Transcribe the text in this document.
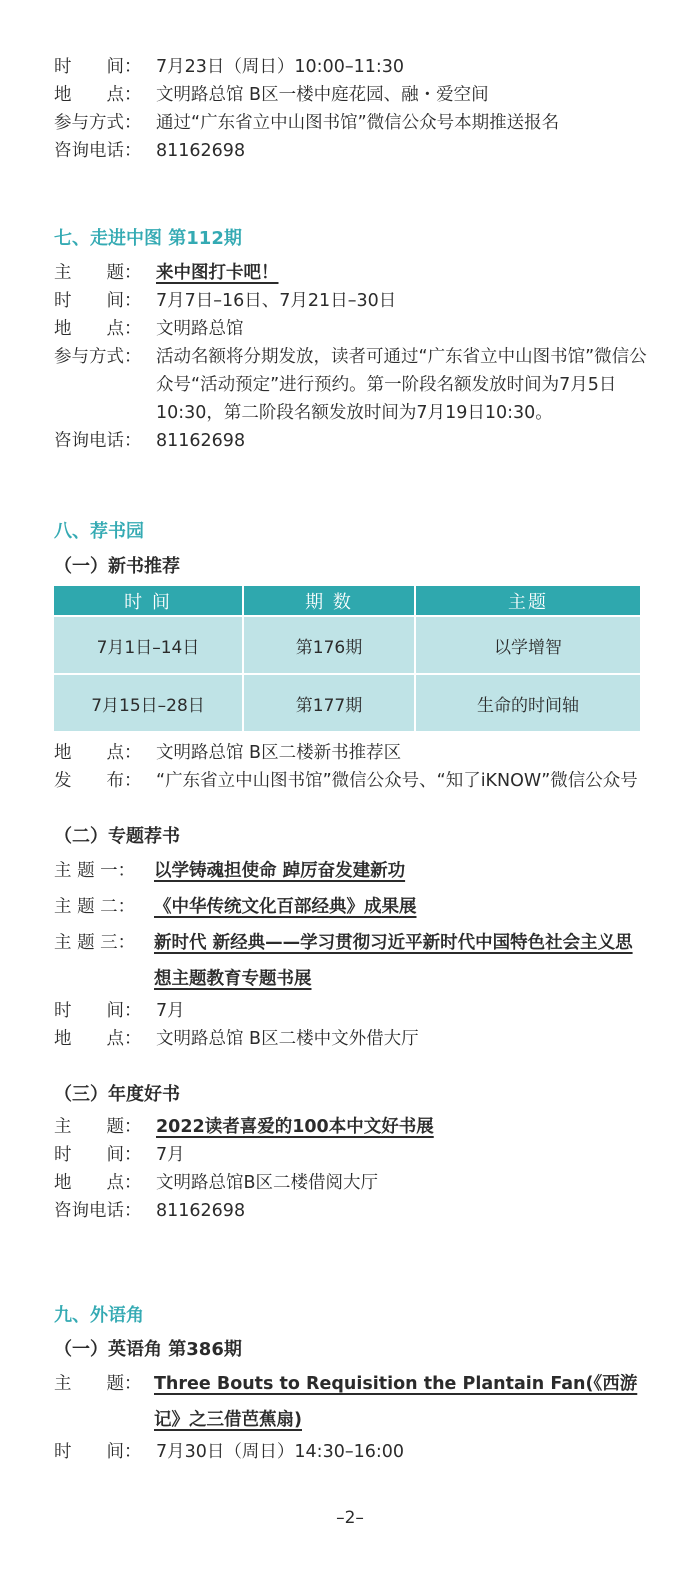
时　　间： 7月23日（周日）10:00–11:30
地　　点： 文明路总馆 B区一楼中庭花园、融・爱空间
参与方式： 通过“广东省立中山图书馆”微信公众号本期推送报名
咨询电话： 81162698
七、走进中图 第112期
主　　题： 来中图打卡吧！
时　　间： 7月7日–16日、7月21日–30日
地　　点： 文明路总馆
参与方式： 活动名额将分期发放，读者可通过“广东省立中山图书馆”微信公众号“活动预定”进行预约。第一阶段名额发放时间为7月5日10:30，第二阶段名额发放时间为7月19日10:30。
咨询电话： 81162698
八、荐书园
（一）新书推荐
时 间	期 数	主题
7月1日–14日	第176期	以学增智
7月15日–28日	第177期	生命的时间轴
地　　点： 文明路总馆 B区二楼新书推荐区
发　　布： “广东省立中山图书馆”微信公众号、“知了iKNOW”微信公众号
（二）专题荐书
主 题 一：	以学铸魂担使命 踔厉奋发建新功
主 题 二：	《中华传统文化百部经典》成果展
主 题 三：	新时代 新经典——学习贯彻习近平新时代中国特色社会主义思想主题教育专题书展
时　　间： 7月
地　　点： 文明路总馆 B区二楼中文外借大厅
（三）年度好书
主　　题： 2022读者喜爱的100本中文好书展
时　　间： 7月
地　　点： 文明路总馆B区二楼借阅大厅
咨询电话： 81162698
九、外语角
（一）英语角 第386期
主　　题： Three Bouts to Requisition the Plantain Fan(《西游记》之三借芭蕉扇)
时　　间： 7月30日（周日）14:30–16:00
–2–
